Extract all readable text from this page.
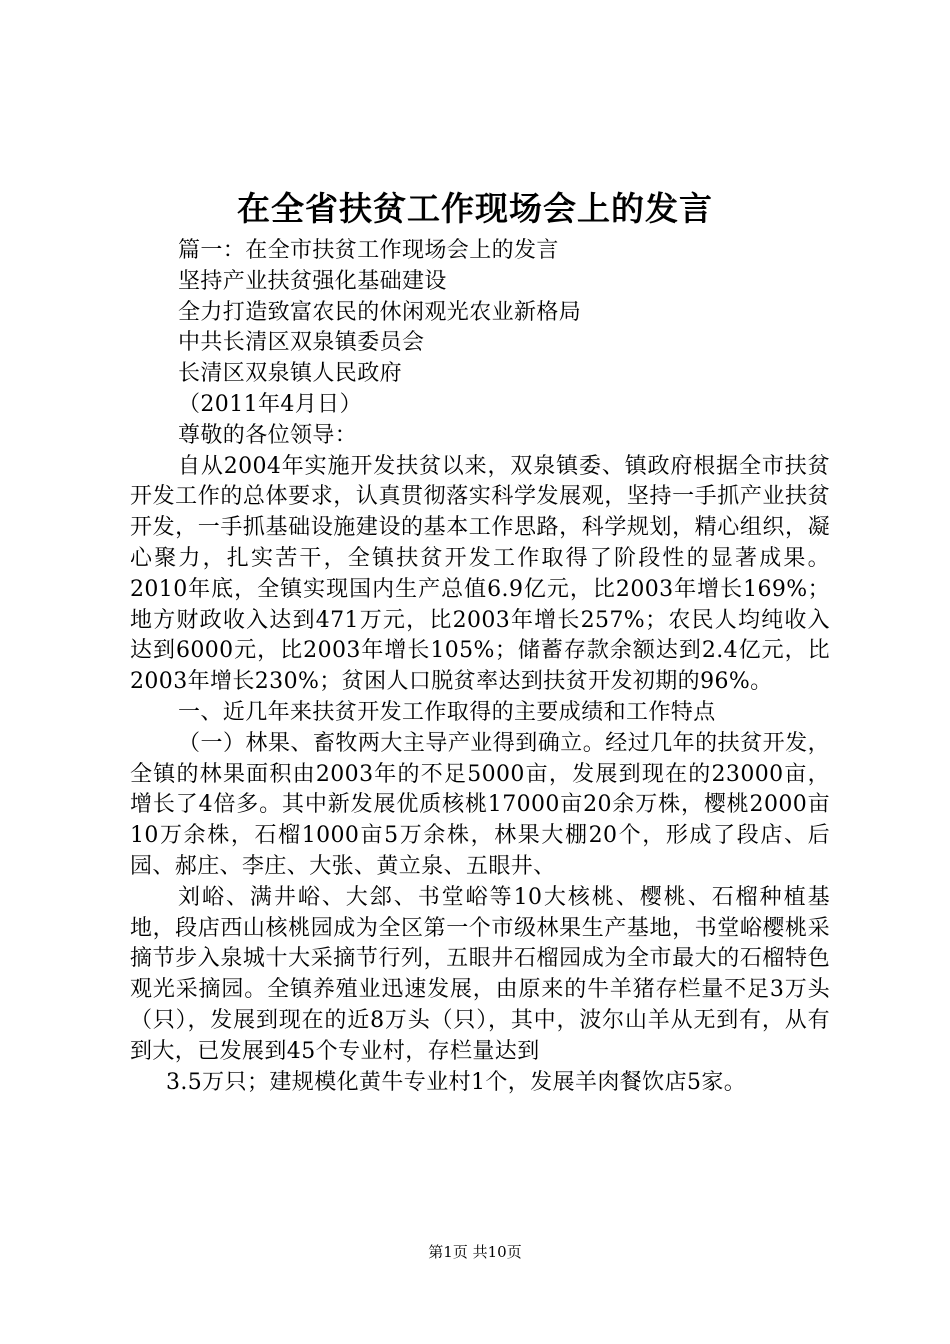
在全省扶贫工作现场会上的发言

篇一：在全市扶贫工作现场会上的发言

坚持产业扶贫强化基础建设

全力打造致富农民的休闲观光农业新格局

中共长清区双泉镇委员会

长清区双泉镇人民政府

（2011年4月日）

尊敬的各位领导：

自从2004年实施开发扶贫以来，双泉镇委、镇政府根据全市扶贫开发工作的总体要求，认真贯彻落实科学发展观，坚持一手抓产业扶贫开发，一手抓基础设施建设的基本工作思路，科学规划，精心组织，凝心聚力，扎实苦干，全镇扶贫开发工作取得了阶段性的显著成果。2010年底，全镇实现国内生产总值6.9亿元，比2003年增长169%；地方财政收入达到471万元，比2003年增长257%；农民人均纯收入达到6000元，比2003年增长105%；储蓄存款余额达到2.4亿元，比2003年增长230%；贫困人口脱贫率达到扶贫开发初期的96%。

一、近几年来扶贫开发工作取得的主要成绩和工作特点

（一）林果、畜牧两大主导产业得到确立。经过几年的扶贫开发，全镇的林果面积由2003年的不足5000亩，发展到现在的23000亩，增长了4倍多。其中新发展优质核桃17000亩20余万株，樱桃2000亩10万余株，石榴1000亩5万余株，林果大棚20个，形成了段店、后园、郝庄、李庄、大张、黄立泉、五眼井、

刘峪、满井峪、大郐、书堂峪等10大核桃、樱桃、石榴种植基地，段店西山核桃园成为全区第一个市级林果生产基地，书堂峪樱桃采摘节步入泉城十大采摘节行列，五眼井石榴园成为全市最大的石榴特色观光采摘园。全镇养殖业迅速发展，由原来的牛羊猪存栏量不足3万头（只），发展到现在的近8万头（只），其中，波尔山羊从无到有，从有到大，已发展到45个专业村，存栏量达到

3.5万只；建规模化黄牛专业村1个，发展羊肉餐饮店5家。

第1页 共10页
